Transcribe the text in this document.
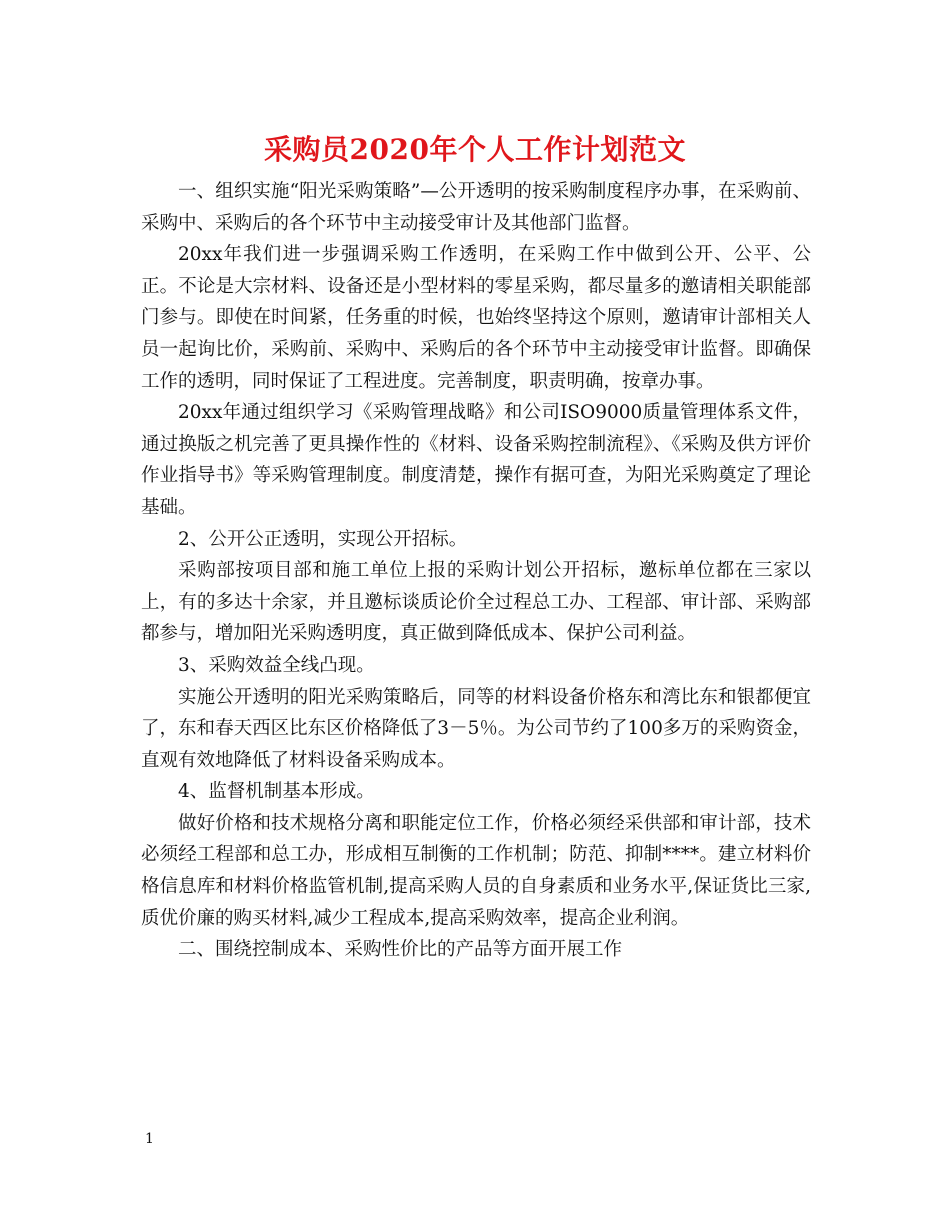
采购员2020年个人工作计划范文

一、组织实施“阳光采购策略”—公开透明的按采购制度程序办事，在采购前、采购中、采购后的各个环节中主动接受审计及其他部门监督。

20xx年我们进一步强调采购工作透明，在采购工作中做到公开、公平、公正。不论是大宗材料、设备还是小型材料的零星采购，都尽量多的邀请相关职能部门参与。即使在时间紧，任务重的时候，也始终坚持这个原则，邀请审计部相关人员一起询比价，采购前、采购中、采购后的各个环节中主动接受审计监督。即确保工作的透明，同时保证了工程进度。完善制度，职责明确，按章办事。

20xx年通过组织学习《采购管理战略》和公司ISO9000质量管理体系文件，通过换版之机完善了更具操作性的《材料、设备采购控制流程》、《采购及供方评价作业指导书》等采购管理制度。制度清楚，操作有据可查，为阳光采购奠定了理论基础。

2、公开公正透明，实现公开招标。

采购部按项目部和施工单位上报的采购计划公开招标，邀标单位都在三家以上，有的多达十余家，并且邀标谈质论价全过程总工办、工程部、审计部、采购部都参与，增加阳光采购透明度，真正做到降低成本、保护公司利益。

3、采购效益全线凸现。

实施公开透明的阳光采购策略后，同等的材料设备价格东和湾比东和银都便宜了，东和春天西区比东区价格降低了3－5％。为公司节约了100多万的采购资金，直观有效地降低了材料设备采购成本。

4、监督机制基本形成。

做好价格和技术规格分离和职能定位工作，价格必须经采供部和审计部，技术必须经工程部和总工办，形成相互制衡的工作机制；防范、抑制****。建立材料价格信息库和材料价格监管机制,提高采购人员的自身素质和业务水平,保证货比三家,质优价廉的购买材料,减少工程成本,提高采购效率，提高企业利润。

二、围绕控制成本、采购性价比的产品等方面开展工作

1
